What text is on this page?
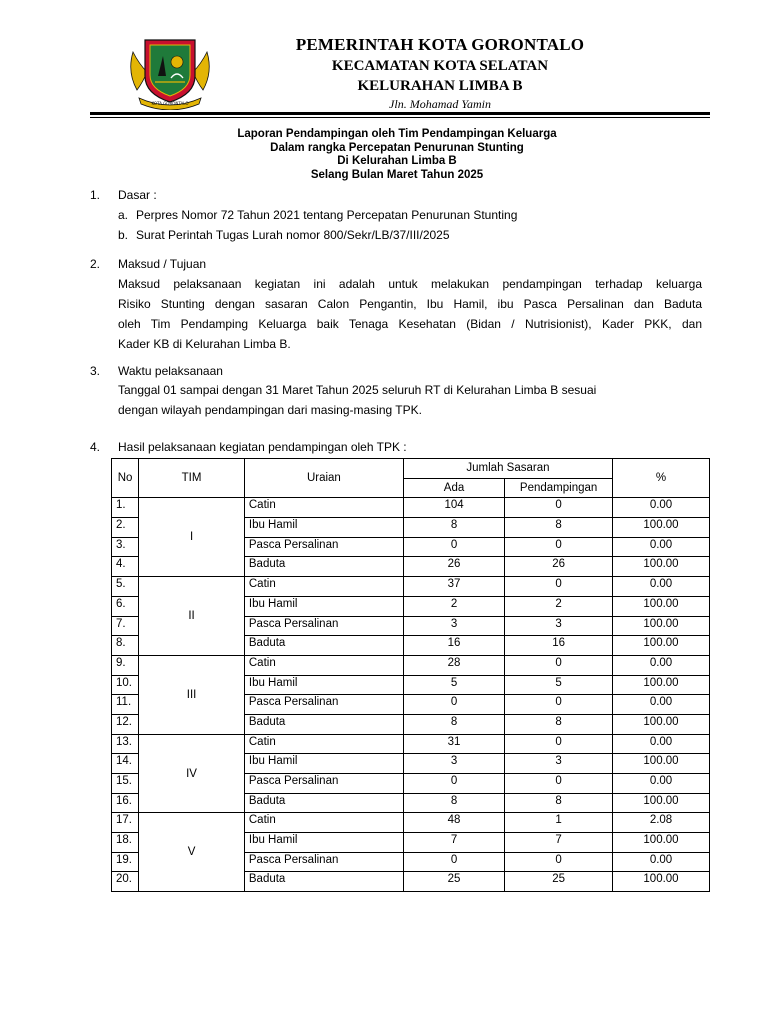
KOTA GORONTALO
PEMERINTAH KOTA GORONTALO
KECAMATAN KOTA SELATAN
KELURAHAN LIMBA B
Jln. Mohamad Yamin
Laporan Pendampingan oleh Tim Pendampingan Keluarga
Dalam rangka Percepatan Penurunan Stunting
Di Kelurahan Limba B
Selang Bulan Maret Tahun 2025
1. Dasar :
a. Perpres Nomor 72 Tahun 2021 tentang Percepatan Penurunan Stunting
b. Surat Perintah Tugas Lurah nomor 800/Sekr/LB/37/III/2025
2. Maksud / Tujuan
Maksud pelaksanaan kegiatan ini adalah untuk melakukan pendampingan terhadap keluarga
Risiko Stunting dengan sasaran Calon Pengantin, Ibu Hamil, ibu Pasca Persalinan dan Baduta
oleh Tim Pendamping Keluarga baik Tenaga Kesehatan (Bidan / Nutrisionist), Kader PKK, dan
Kader KB di Kelurahan Limba B.
3. Waktu pelaksanaan
Tanggal 01 sampai dengan 31 Maret Tahun 2025 seluruh RT di Kelurahan Limba B sesuai
dengan wilayah pendampingan dari masing-masing TPK.
4. Hasil pelaksanaan kegiatan pendampingan oleh TPK :
No	TIM	Uraian	Jumlah Sasaran		%
			Ada	Pendampingan	
1.	I	Catin	104	0	0.00
2.		Ibu Hamil	8	8	100.00
3.		Pasca Persalinan	0	0	0.00
4.		Baduta	26	26	100.00
5.	II	Catin	37	0	0.00
6.		Ibu Hamil	2	2	100.00
7.		Pasca Persalinan	3	3	100.00
8.		Baduta	16	16	100.00
9.	III	Catin	28	0	0.00
10.		Ibu Hamil	5	5	100.00
11.		Pasca Persalinan	0	0	0.00
12.		Baduta	8	8	100.00
13.	IV	Catin	31	0	0.00
14.		Ibu Hamil	3	3	100.00
15.		Pasca Persalinan	0	0	0.00
16.		Baduta	8	8	100.00
17.	V	Catin	48	1	2.08
18.		Ibu Hamil	7	7	100.00
19.		Pasca Persalinan	0	0	0.00
20.		Baduta	25	25	100.00
